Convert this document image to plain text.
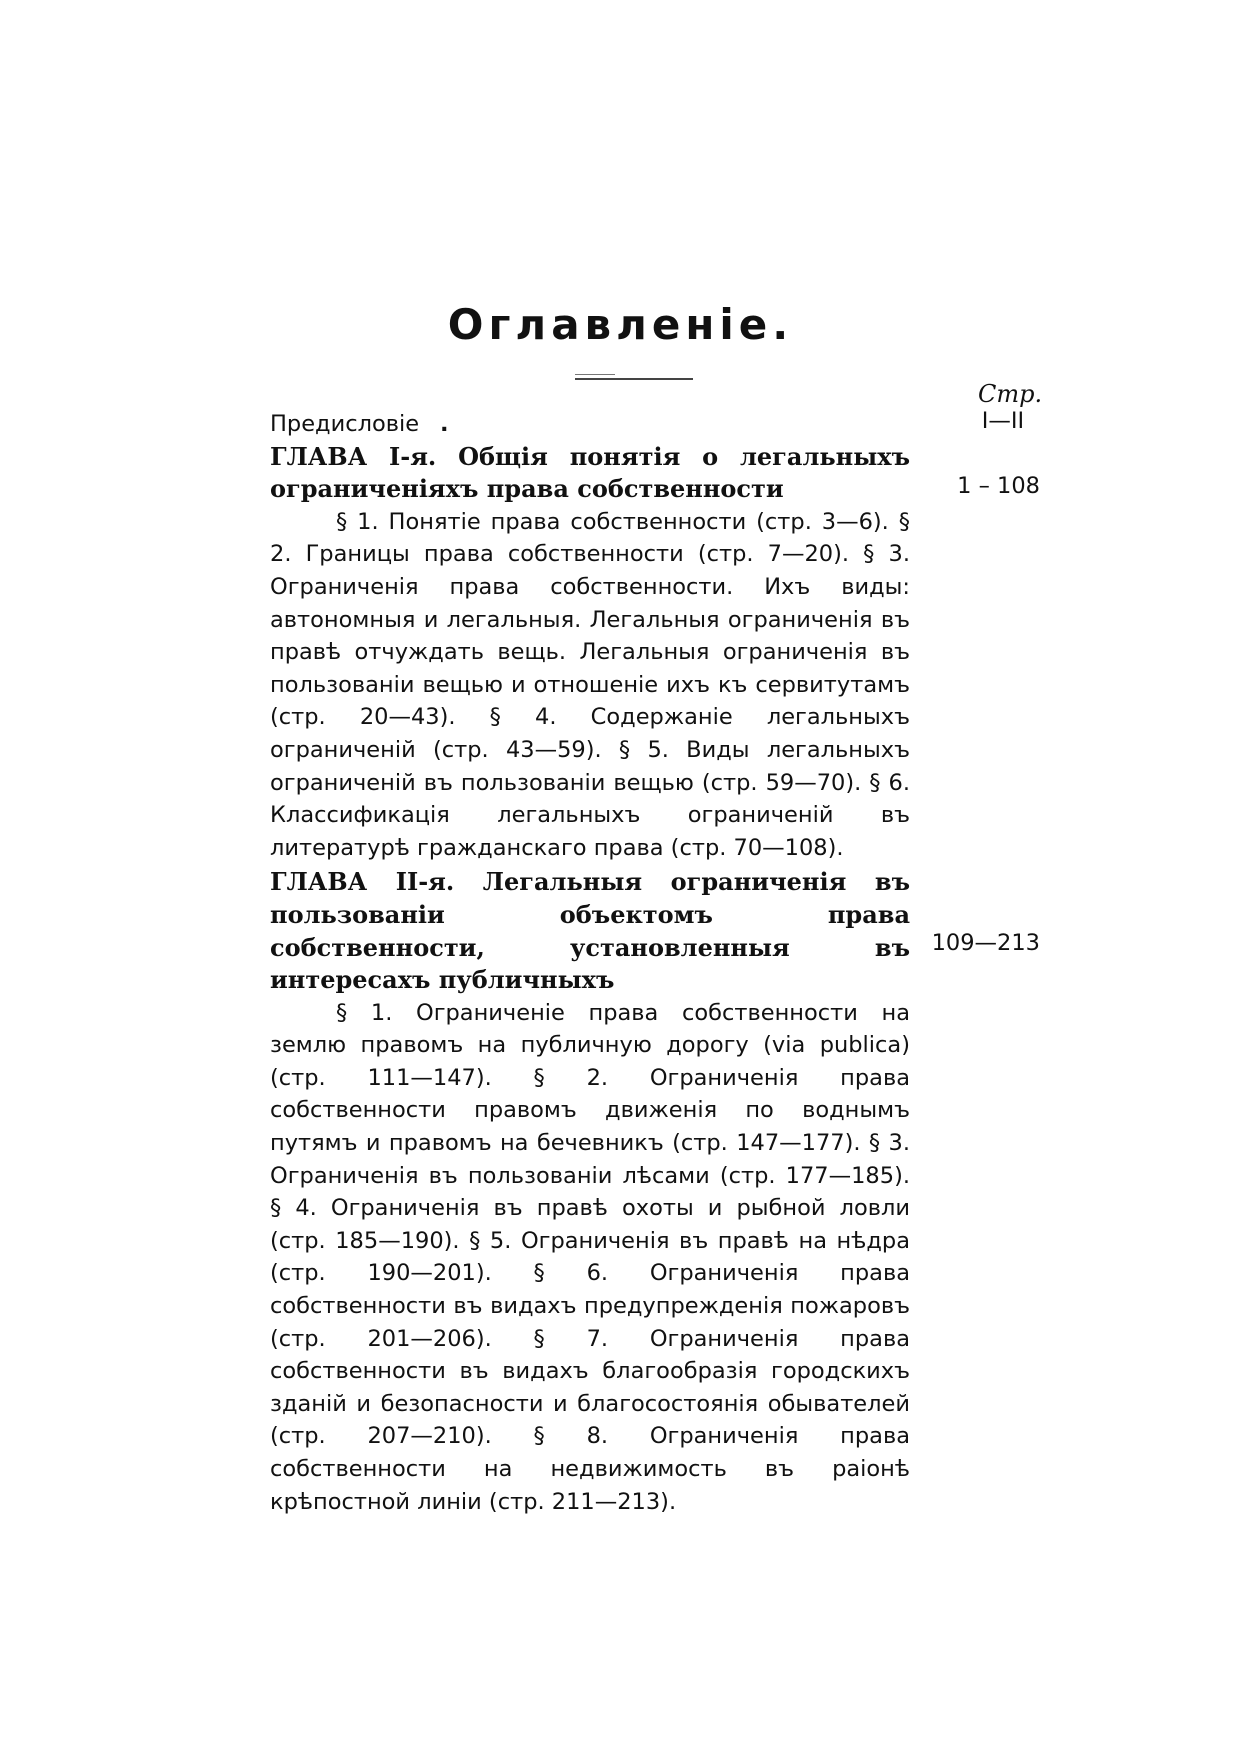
Оглавленіе.
Стр.
I—II
1 – 108
109—213
Предисловіе .
ГЛАВА I-я. Общія понятія о легальныхъ ограниченіяхъ права собственности
§ 1. Понятіе права собственности (стр. 3—6). § 2. Границы права собственности (стр. 7—20). § 3. Ограниченія права собственности. Ихъ виды: автономныя и легальныя. Легальныя ограниченія въ правѣ отчуждать вещь. Легальныя ограниченія въ пользованіи вещью и отношеніе ихъ къ сервитутамъ (стр. 20—43). § 4. Содержаніе легальныхъ ограниченій (стр. 43—59). § 5. Виды легальныхъ ограниченій въ пользованіи вещью (стр. 59—70). § 6. Классификація легальныхъ ограниченій въ литературѣ гражданскаго права (стр. 70—108).
ГЛАВА II-я. Легальныя ограниченія въ пользованіи объектомъ права собственности, установленныя въ интересахъ публичныхъ
§ 1. Ограниченіе права собственности на землю правомъ на публичную дорогу (via publica) (стр. 111—147). § 2. Ограниченія права собственности правомъ движенія по воднымъ путямъ и правомъ на бечевникъ (стр. 147—177). § 3. Ограниченія въ пользованіи лѣсами (стр. 177—185). § 4. Ограниченія въ правѣ охоты и рыбной ловли (стр. 185—190). § 5. Ограниченія въ правѣ на нѣдра (стр. 190—201). § 6. Ограниченія права собственности въ видахъ предупрежденія пожаровъ (стр. 201—206). § 7. Ограниченія права собственности въ видахъ благообразія городскихъ зданій и безопасности и благосостоянія обывателей (стр. 207—210). § 8. Ограниченія права собственности на недвижимость въ раіонѣ крѣпостной линіи (стр. 211—213).
